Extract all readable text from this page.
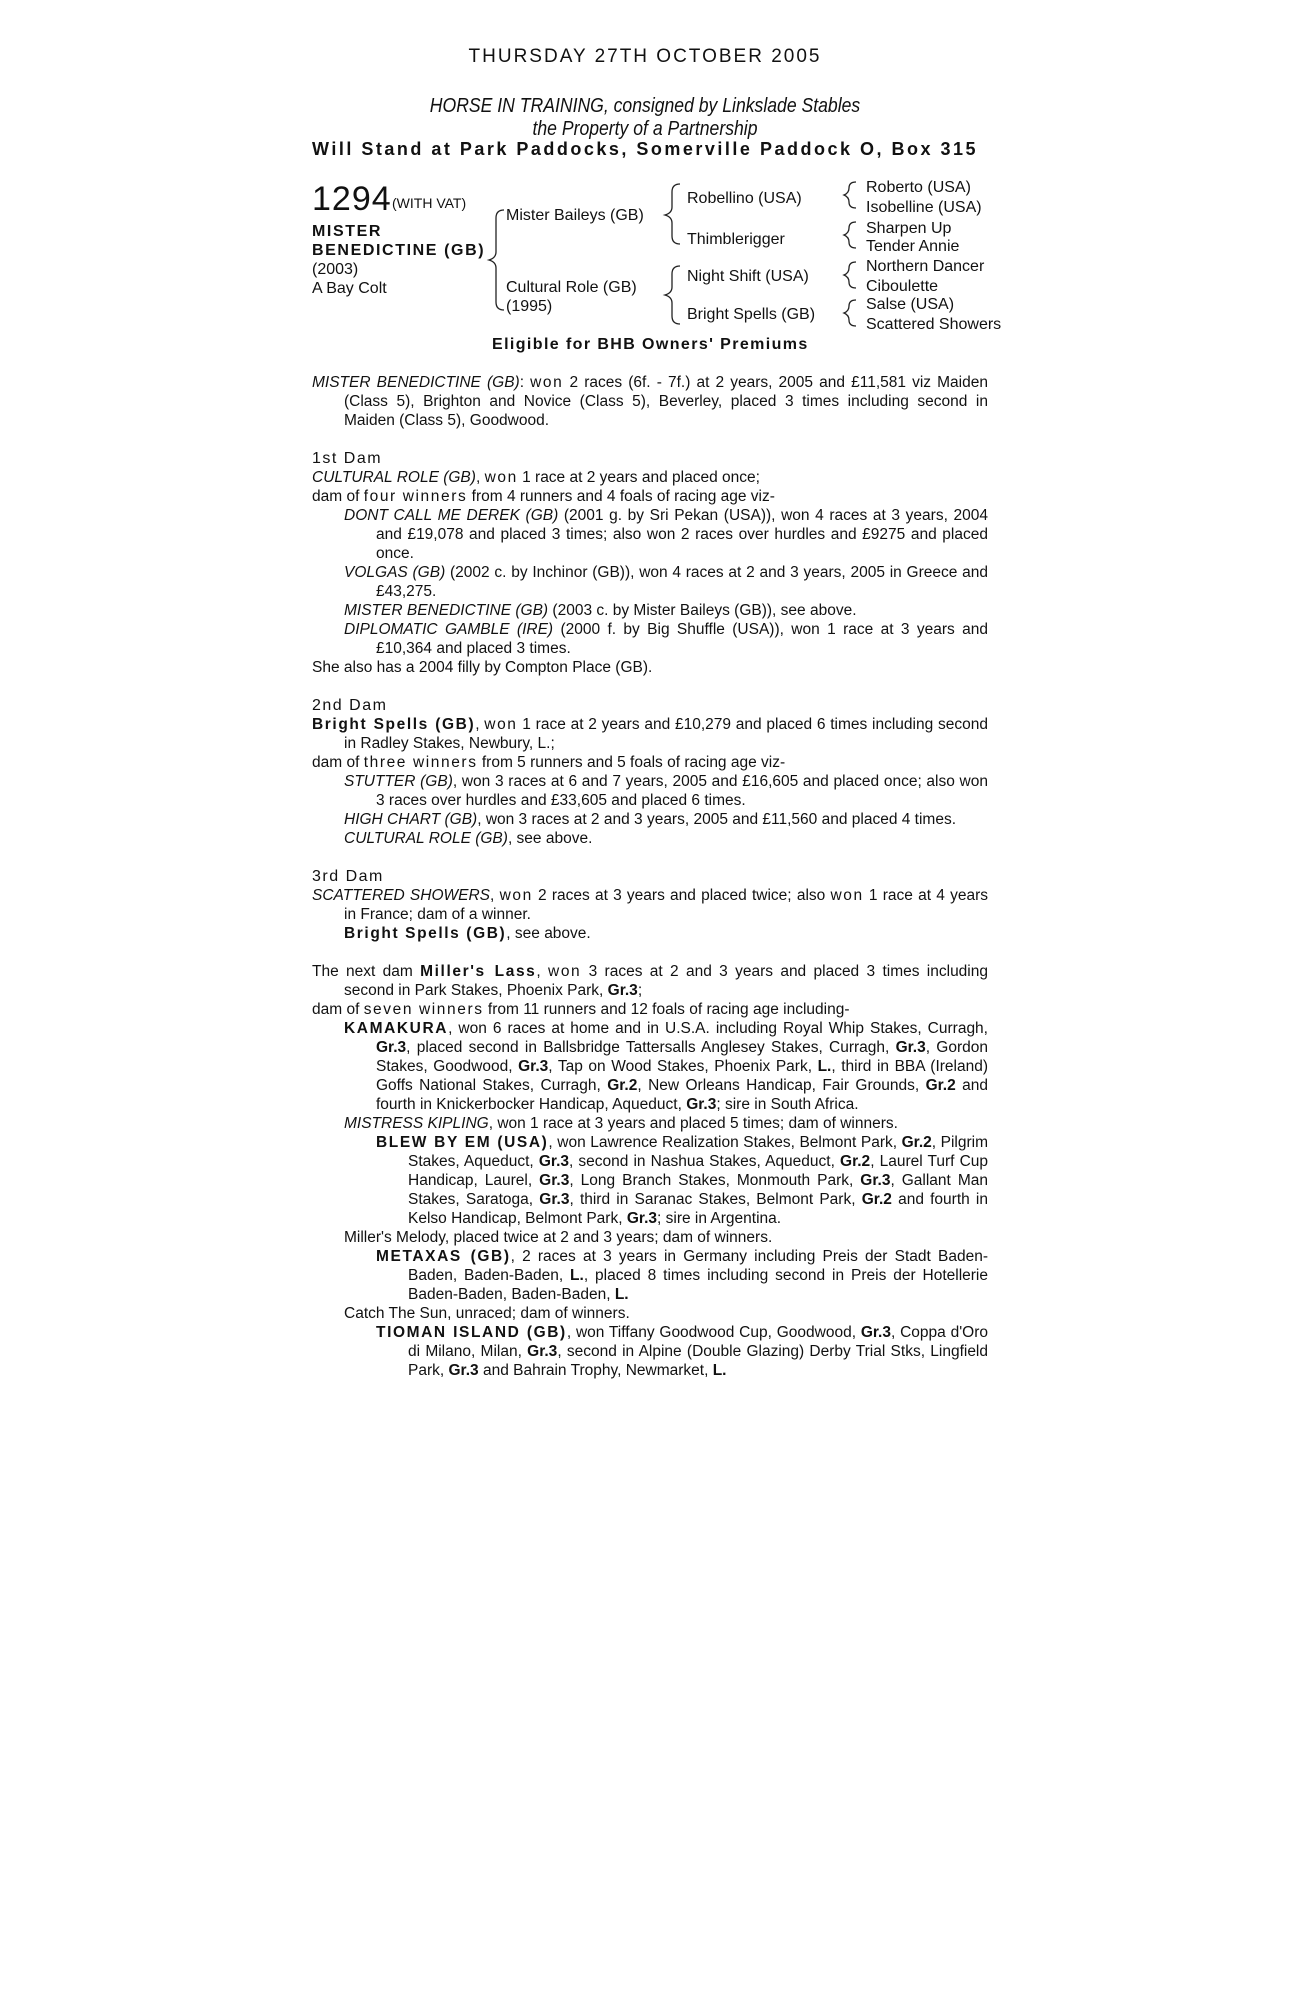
THURSDAY 27TH OCTOBER 2005
HORSE IN TRAINING, consigned by Linkslade Stables
the Property of a Partnership
Will Stand at Park Paddocks, Somerville Paddock O, Box 315
1294 (WITH VAT)
MISTER
BENEDICTINE (GB)
(2003)
A Bay Colt
Mister Baileys (GB)
Cultural Role (GB)
(1995)
Robellino (USA)
Thimblerigger
Night Shift (USA)
Bright Spells (GB)
Roberto (USA)
Isobelline (USA)
Sharpen Up
Tender Annie
Northern Dancer
Ciboulette
Salse (USA)
Scattered Showers
Eligible for BHB Owners' Premiums
MISTER BENEDICTINE (GB): won 2 races (6f. - 7f.) at 2 years, 2005 and £11,581 viz Maiden (Class 5), Brighton and Novice (Class 5), Beverley, placed 3 times including second in Maiden (Class 5), Goodwood.
1st Dam
CULTURAL ROLE (GB), won 1 race at 2 years and placed once;
dam of four winners from 4 runners and 4 foals of racing age viz-
DONT CALL ME DEREK (GB) (2001 g. by Sri Pekan (USA)), won 4 races at 3 years, 2004 and £19,078 and placed 3 times; also won 2 races over hurdles and £9275 and placed once.
VOLGAS (GB) (2002 c. by Inchinor (GB)), won 4 races at 2 and 3 years, 2005 in Greece and £43,275.
MISTER BENEDICTINE (GB) (2003 c. by Mister Baileys (GB)), see above.
DIPLOMATIC GAMBLE (IRE) (2000 f. by Big Shuffle (USA)), won 1 race at 3 years and £10,364 and placed 3 times.
She also has a 2004 filly by Compton Place (GB).
2nd Dam
Bright Spells (GB), won 1 race at 2 years and £10,279 and placed 6 times including second in Radley Stakes, Newbury, L.;
dam of three winners from 5 runners and 5 foals of racing age viz-
STUTTER (GB), won 3 races at 6 and 7 years, 2005 and £16,605 and placed once; also won 3 races over hurdles and £33,605 and placed 6 times.
HIGH CHART (GB), won 3 races at 2 and 3 years, 2005 and £11,560 and placed 4 times.
CULTURAL ROLE (GB), see above.
3rd Dam
SCATTERED SHOWERS, won 2 races at 3 years and placed twice; also won 1 race at 4 years in France; dam of a winner.
Bright Spells (GB), see above.
The next dam Miller's Lass, won 3 races at 2 and 3 years and placed 3 times including second in Park Stakes, Phoenix Park, Gr.3;
dam of seven winners from 11 runners and 12 foals of racing age including-
KAMAKURA, won 6 races at home and in U.S.A. including Royal Whip Stakes, Curragh, Gr.3, placed second in Ballsbridge Tattersalls Anglesey Stakes, Curragh, Gr.3, Gordon Stakes, Goodwood, Gr.3, Tap on Wood Stakes, Phoenix Park, L., third in BBA (Ireland) Goffs National Stakes, Curragh, Gr.2, New Orleans Handicap, Fair Grounds, Gr.2 and fourth in Knickerbocker Handicap, Aqueduct, Gr.3; sire in South Africa.
MISTRESS KIPLING, won 1 race at 3 years and placed 5 times; dam of winners.
BLEW BY EM (USA), won Lawrence Realization Stakes, Belmont Park, Gr.2, Pilgrim Stakes, Aqueduct, Gr.3, second in Nashua Stakes, Aqueduct, Gr.2, Laurel Turf Cup Handicap, Laurel, Gr.3, Long Branch Stakes, Monmouth Park, Gr.3, Gallant Man Stakes, Saratoga, Gr.3, third in Saranac Stakes, Belmont Park, Gr.2 and fourth in Kelso Handicap, Belmont Park, Gr.3; sire in Argentina.
Miller's Melody, placed twice at 2 and 3 years; dam of winners.
METAXAS (GB), 2 races at 3 years in Germany including Preis der Stadt Baden-Baden, Baden-Baden, L., placed 8 times including second in Preis der Hotellerie Baden-Baden, Baden-Baden, L.
Catch The Sun, unraced; dam of winners.
TIOMAN ISLAND (GB), won Tiffany Goodwood Cup, Goodwood, Gr.3, Coppa d'Oro di Milano, Milan, Gr.3, second in Alpine (Double Glazing) Derby Trial Stks, Lingfield Park, Gr.3 and Bahrain Trophy, Newmarket, L.
